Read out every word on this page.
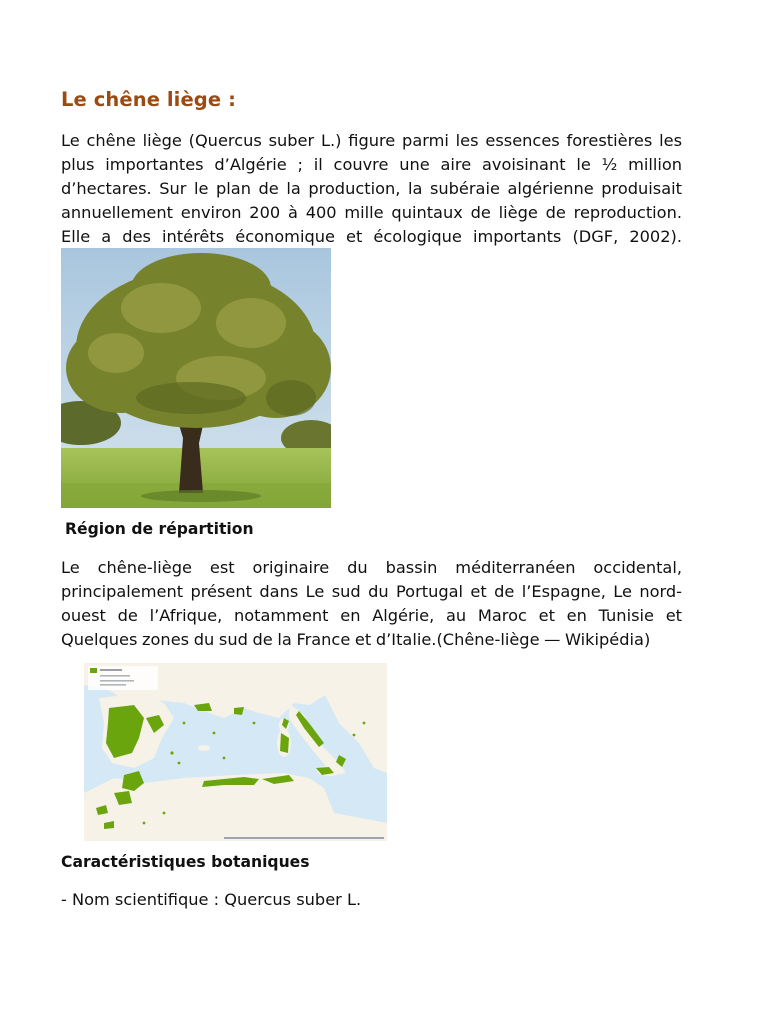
Le chêne liège :

Le chêne liège (Quercus suber L.) figure parmi les essences forestières les plus importantes d’Algérie ; il couvre une aire avoisinant le ½ million d’hectares. Sur le plan de la production, la subéraie algérienne produisait annuellement environ 200 à 400 mille quintaux de liège de reproduction. Elle a des intérêts économique et écologique importants (DGF, 2002).

Région de répartition

Le chêne-liège est originaire du bassin méditerranéen occidental, principalement présent dans Le sud du Portugal et de l’Espagne, Le nord-ouest de l’Afrique, notamment en Algérie, au Maroc et en Tunisie et Quelques zones du sud de la France et d’Italie.(Chêne-liège — Wikipédia)

Caractéristiques botaniques

- Nom scientifique : Quercus suber L.
